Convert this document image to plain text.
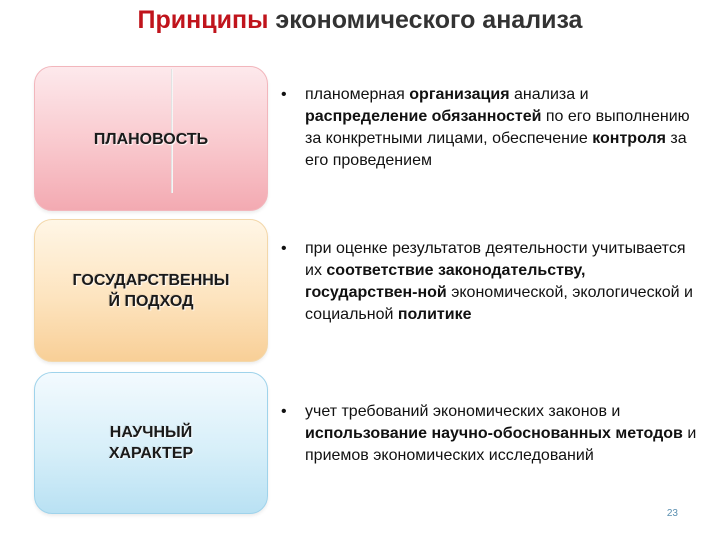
Принципы экономического анализа
ПЛАНОВОСТЬ
ГОСУДАРСТВЕННЫ
Й ПОДХОД
НАУЧНЫЙ
ХАРАКТЕР
• планомерная организация анализа и распределение обязанностей по его выполнению за конкретными лицами, обеспечение контроля за его проведением
• при оценке результатов деятельности учитывается их соответствие законодательству, государствен-ной экономической, экологической и социальной политике
• учет требований экономических законов и использование научно-обоснованных методов и приемов экономических исследований
23
